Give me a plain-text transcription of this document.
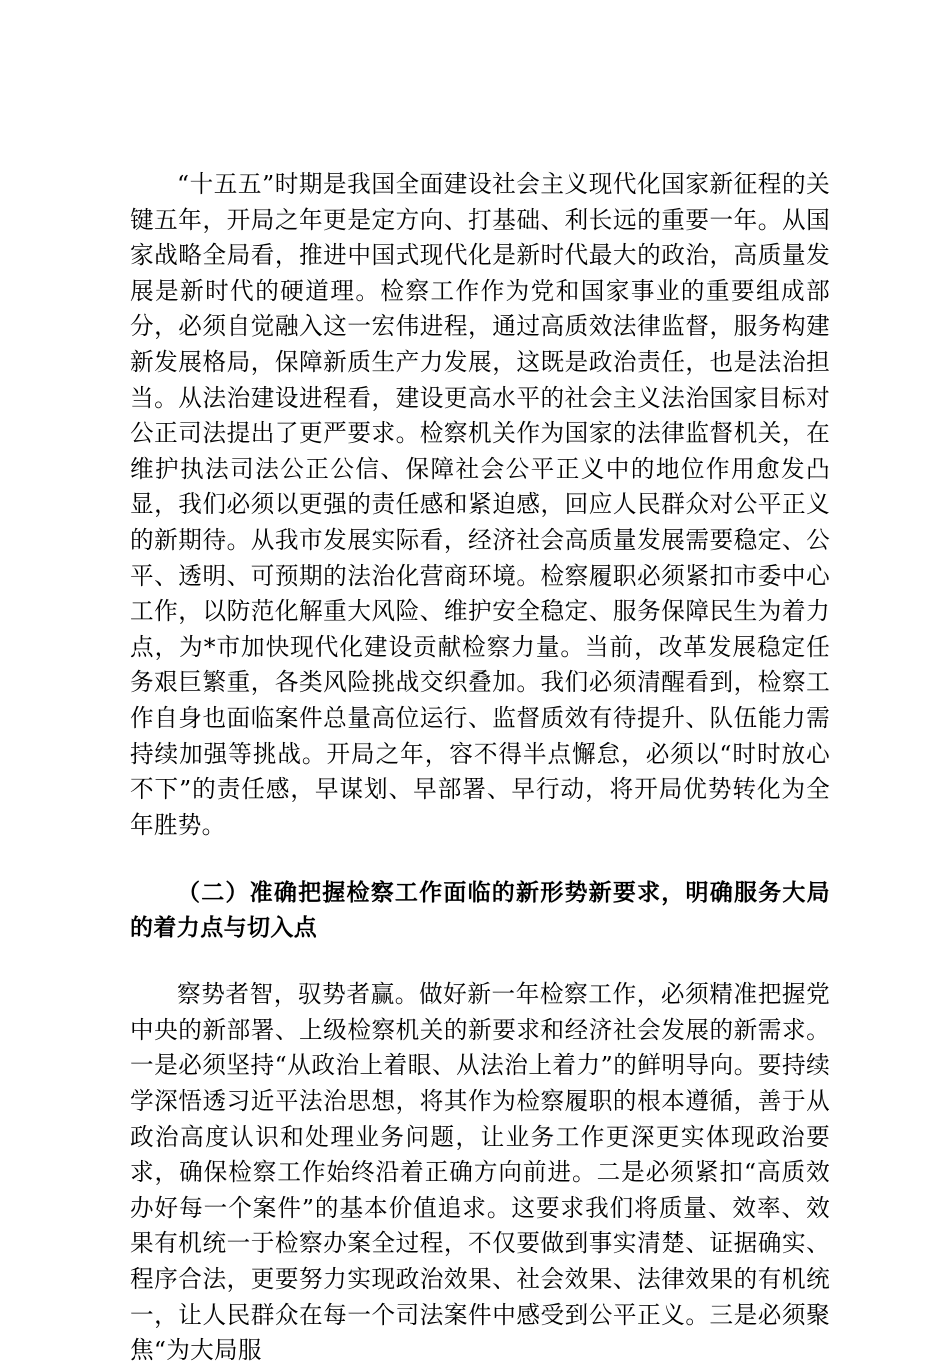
“十五五”时期是我国全面建设社会主义现代化国家新征程的关键五年，开局之年更是定方向、打基础、利长远的重要一年。从国家战略全局看，推进中国式现代化是新时代最大的政治，高质量发展是新时代的硬道理。检察工作作为党和国家事业的重要组成部分，必须自觉融入这一宏伟进程，通过高质效法律监督，服务构建新发展格局，保障新质生产力发展，这既是政治责任，也是法治担当。从法治建设进程看，建设更高水平的社会主义法治国家目标对公正司法提出了更严要求。检察机关作为国家的法律监督机关，在维护执法司法公正公信、保障社会公平正义中的地位作用愈发凸显，我们必须以更强的责任感和紧迫感，回应人民群众对公平正义的新期待。从我市发展实际看，经济社会高质量发展需要稳定、公平、透明、可预期的法治化营商环境。检察履职必须紧扣市委中心工作，以防范化解重大风险、维护安全稳定、服务保障民生为着力点，为*市加快现代化建设贡献检察力量。当前，改革发展稳定任务艰巨繁重，各类风险挑战交织叠加。我们必须清醒看到，检察工作自身也面临案件总量高位运行、监督质效有待提升、队伍能力需持续加强等挑战。开局之年，容不得半点懈怠，必须以“时时放心不下”的责任感，早谋划、早部署、早行动，将开局优势转化为全年胜势。

（二）准确把握检察工作面临的新形势新要求，明确服务大局的着力点与切入点

察势者智，驭势者赢。做好新一年检察工作，必须精准把握党中央的新部署、上级检察机关的新要求和经济社会发展的新需求。一是必须坚持“从政治上着眼、从法治上着力”的鲜明导向。要持续学深悟透习近平法治思想，将其作为检察履职的根本遵循，善于从政治高度认识和处理业务问题，让业务工作更深更实体现政治要求，确保检察工作始终沿着正确方向前进。二是必须紧扣“高质效办好每一个案件”的基本价值追求。这要求我们将质量、效率、效果有机统一于检察办案全过程，不仅要做到事实清楚、证据确实、程序合法，更要努力实现政治效果、社会效果、法律效果的有机统一，让人民群众在每一个司法案件中感受到公平正义。三是必须聚焦“为大局服
